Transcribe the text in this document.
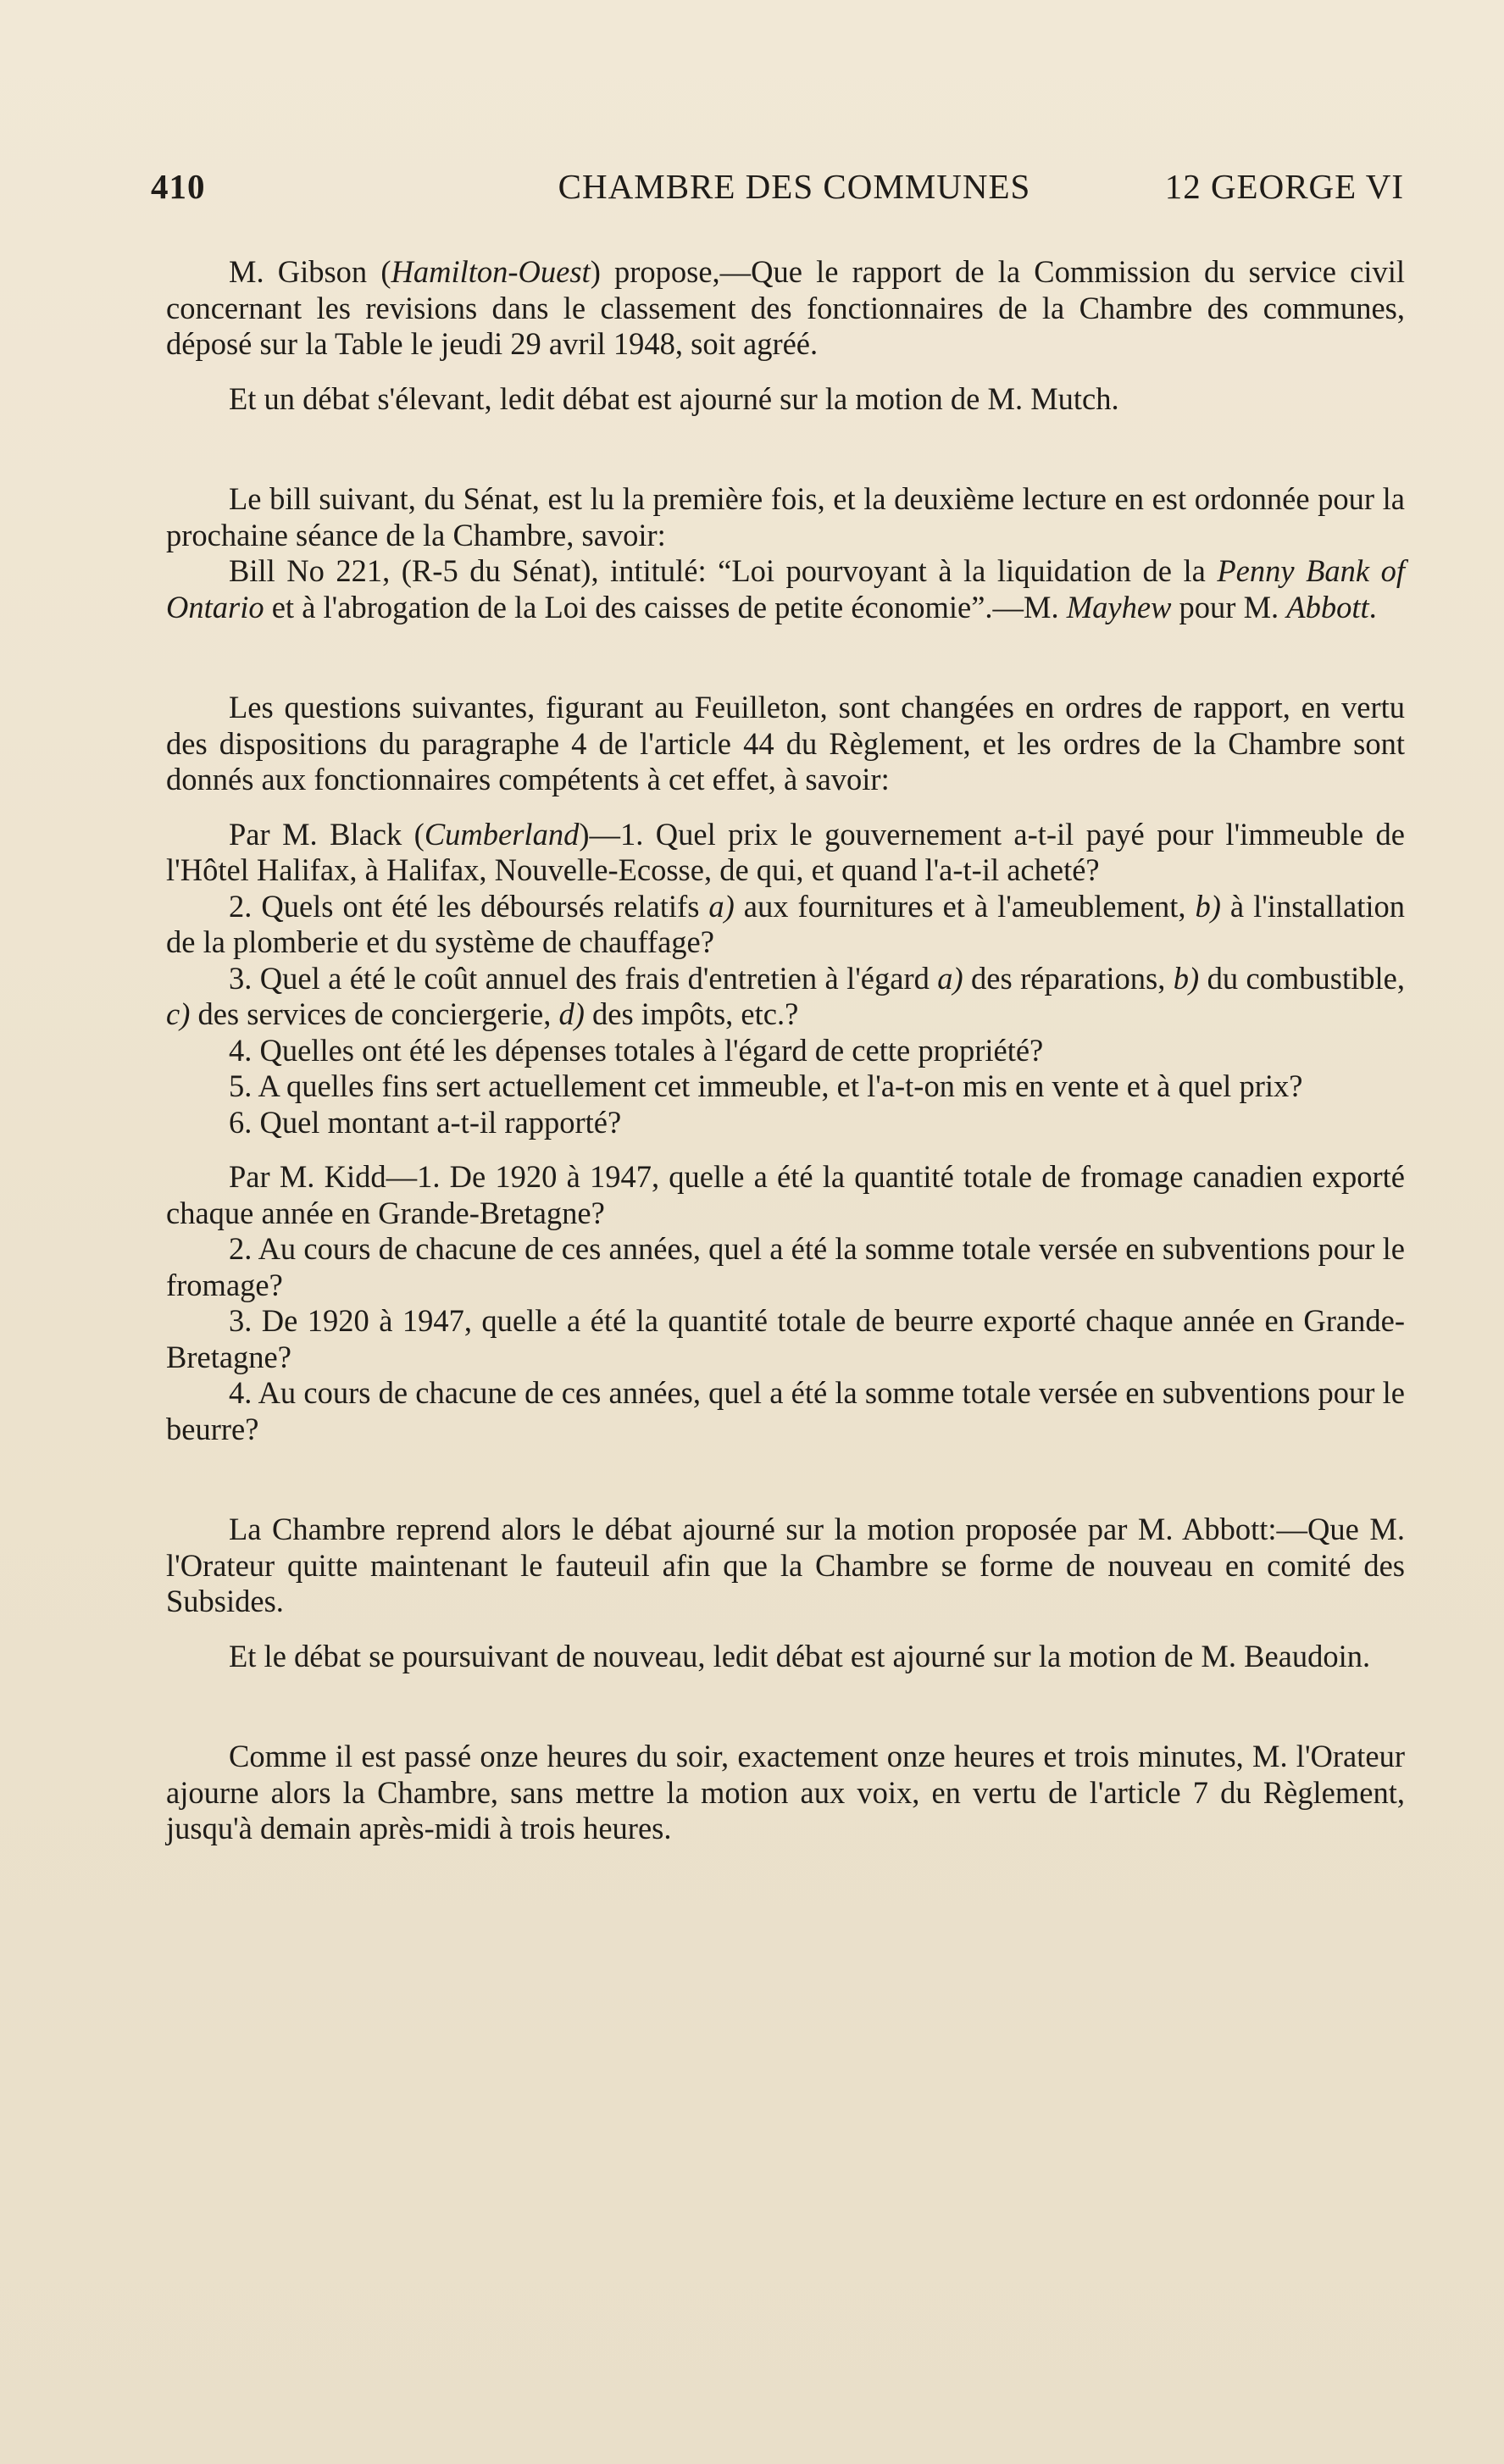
410	CHAMBRE DES COMMUNES	12 GEORGE VI

M. Gibson (Hamilton-Ouest) propose,—Que le rapport de la Commission du service civil concernant les revisions dans le classement des fonctionnaires de la Chambre des communes, déposé sur la Table le jeudi 29 avril 1948, soit agréé.

Et un débat s'élevant, ledit débat est ajourné sur la motion de M. Mutch.

Le bill suivant, du Sénat, est lu la première fois, et la deuxième lecture en est ordonnée pour la prochaine séance de la Chambre, savoir:

Bill No 221, (R-5 du Sénat), intitulé: “Loi pourvoyant à la liquidation de la Penny Bank of Ontario et à l'abrogation de la Loi des caisses de petite économie”.—M. Mayhew pour M. Abbott.

Les questions suivantes, figurant au Feuilleton, sont changées en ordres de rapport, en vertu des dispositions du paragraphe 4 de l'article 44 du Règlement, et les ordres de la Chambre sont donnés aux fonctionnaires compétents à cet effet, à savoir:

Par M. Black (Cumberland)—1. Quel prix le gouvernement a-t-il payé pour l'immeuble de l'Hôtel Halifax, à Halifax, Nouvelle-Ecosse, de qui, et quand l'a-t-il acheté?

2. Quels ont été les déboursés relatifs a) aux fournitures et à l'ameublement, b) à l'installation de la plomberie et du système de chauffage?

3. Quel a été le coût annuel des frais d'entretien à l'égard a) des réparations, b) du combustible, c) des services de conciergerie, d) des impôts, etc.?

4. Quelles ont été les dépenses totales à l'égard de cette propriété?

5. A quelles fins sert actuellement cet immeuble, et l'a-t-on mis en vente et à quel prix?

6. Quel montant a-t-il rapporté?

Par M. Kidd—1. De 1920 à 1947, quelle a été la quantité totale de fromage canadien exporté chaque année en Grande-Bretagne?

2. Au cours de chacune de ces années, quel a été la somme totale versée en subventions pour le fromage?

3. De 1920 à 1947, quelle a été la quantité totale de beurre exporté chaque année en Grande-Bretagne?

4. Au cours de chacune de ces années, quel a été la somme totale versée en subventions pour le beurre?

La Chambre reprend alors le débat ajourné sur la motion proposée par M. Abbott:—Que M. l'Orateur quitte maintenant le fauteuil afin que la Chambre se forme de nouveau en comité des Subsides.

Et le débat se poursuivant de nouveau, ledit débat est ajourné sur la motion de M. Beaudoin.

Comme il est passé onze heures du soir, exactement onze heures et trois minutes, M. l'Orateur ajourne alors la Chambre, sans mettre la motion aux voix, en vertu de l'article 7 du Règlement, jusqu'à demain après-midi à trois heures.
